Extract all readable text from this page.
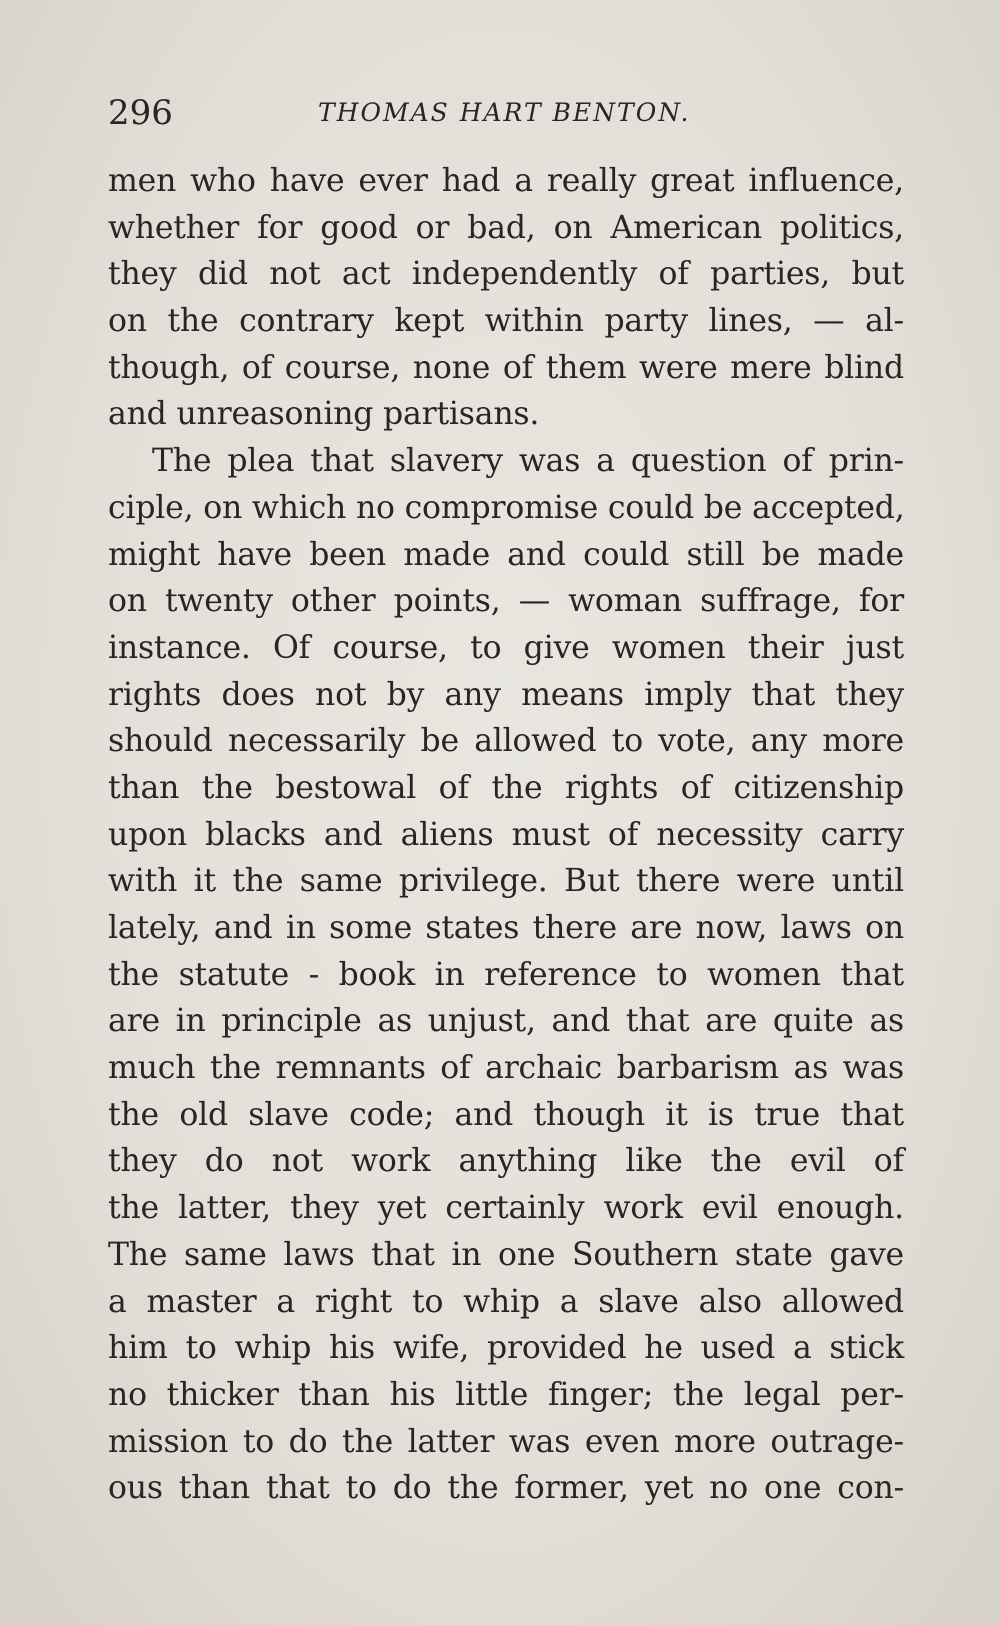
296	THOMAS HART BENTON.
men who have ever had a really great influence,
whether for good or bad, on American politics,
they did not act independently of parties, but
on the contrary kept within party lines, — al-
though, of course, none of them were mere blind
and unreasoning partisans.
The plea that slavery was a question of prin-
ciple, on which no compromise could be accepted,
might have been made and could still be made
on twenty other points, — woman suffrage, for
instance. Of course, to give women their just
rights does not by any means imply that they
should necessarily be allowed to vote, any more
than the bestowal of the rights of citizenship
upon blacks and aliens must of necessity carry
with it the same privilege. But there were until
lately, and in some states there are now, laws on
the statute - book in reference to women that
are in principle as unjust, and that are quite as
much the remnants of archaic barbarism as was
the old slave code; and though it is true that
they do not work anything like the evil of
the latter, they yet certainly work evil enough.
The same laws that in one Southern state gave
a master a right to whip a slave also allowed
him to whip his wife, provided he used a stick
no thicker than his little finger; the legal per-
mission to do the latter was even more outrage-
ous than that to do the former, yet no one con-
